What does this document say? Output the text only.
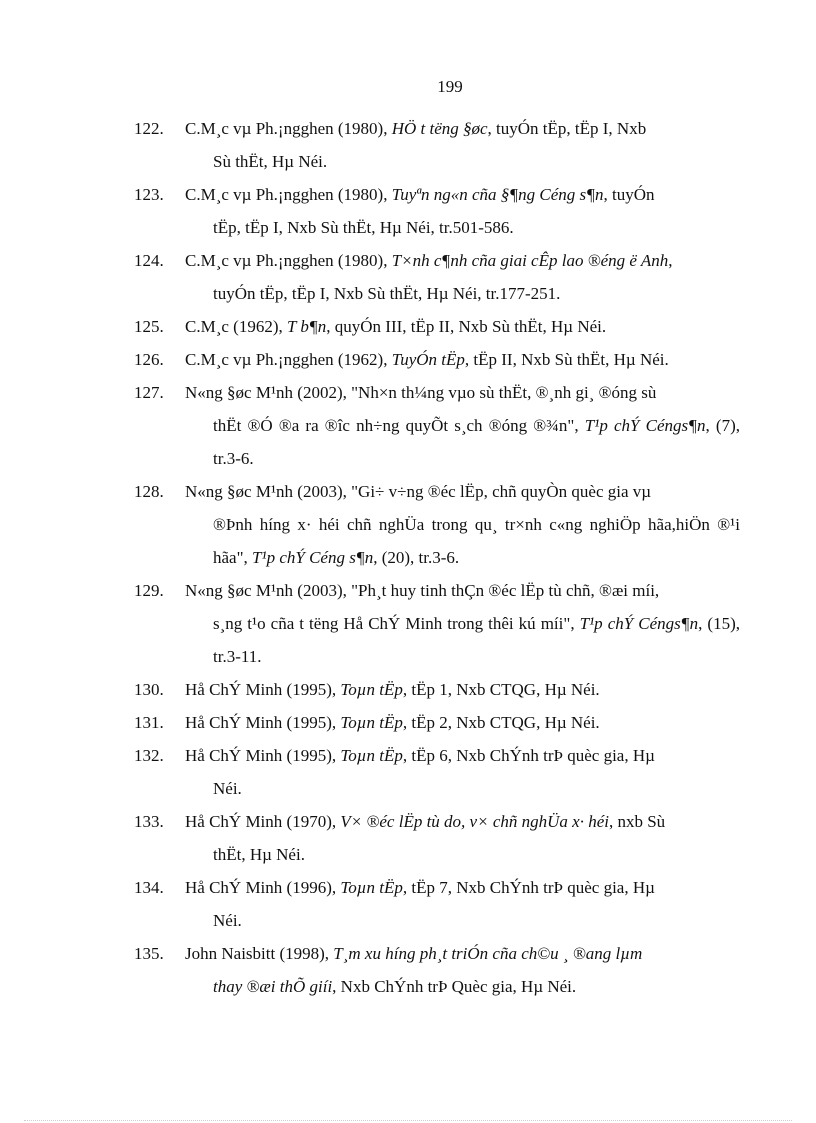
199
122. C.M¸c vµ Ph.¡ngghen (1980), HÖ t tëng §øc, tuyÓn tËp, tËp I, Nxb
Sù thËt, Hµ Néi.
123. C.M¸c vµ Ph.¡ngghen (1980), Tuyªn ng«n cña §¶ng Céng s¶n, tuyÓn
tËp, tËp I, Nxb Sù thËt, Hµ Néi, tr.501-586.
124. C.M¸c vµ Ph.¡ngghen (1980), T×nh c¶nh cña giai cÊp lao ®éng ë Anh,
tuyÓn tËp, tËp I, Nxb Sù thËt, Hµ Néi, tr.177-251.
125. C.M¸c (1962), T b¶n, quyÓn III, tËp II, Nxb Sù thËt, Hµ Néi.
126. C.M¸c vµ Ph.¡ngghen (1962), TuyÓn tËp, tËp II, Nxb Sù thËt, Hµ Néi.
127. N«ng §øc M¹nh (2002), "Nh×n th¼ng vµo sù thËt, ®¸nh gi¸ ®óng sù
thËt ®Ó ®a ra ®îc nh÷ng quyÕt s¸ch ®óng ®¾n", T¹p chÝ Céngs¶n, (7), tr.3-6.
128. N«ng §øc M¹nh (2003), "Gi÷ v÷ng ®éc lËp, chñ quyÒn quèc gia vµ
®Þnh híng x· héi chñ nghÜa trong qu¸ tr×nh c«ng nghiÖp hãa,hiÖn ®¹i hãa", T¹p chÝ Céng s¶n, (20), tr.3-6.
129. N«ng §øc M¹nh (2003), "Ph¸t huy tinh thÇn ®éc lËp tù chñ, ®æi míi,
s¸ng t¹o cña t tëng Hå ChÝ Minh trong thêi kú míi", T¹p chÝ Céngs¶n, (15), tr.3-11.
130. Hå ChÝ Minh (1995), Toµn tËp, tËp 1, Nxb CTQG, Hµ Néi.
131. Hå ChÝ Minh (1995), Toµn tËp, tËp 2, Nxb CTQG, Hµ Néi.
132. Hå ChÝ Minh (1995), Toµn tËp, tËp 6, Nxb ChÝnh trÞ quèc gia, Hµ
Néi.
133. Hå ChÝ Minh (1970), V× ®éc lËp tù do, v× chñ nghÜa x· héi, nxb Sù
thËt, Hµ Néi.
134. Hå ChÝ Minh (1996), Toµn tËp, tËp 7, Nxb ChÝnh trÞ quèc gia, Hµ
Néi.
135. John Naisbitt (1998), T¸m xu híng ph¸t triÓn cña ch©u ¸ ®ang lµm
thay ®æi thÕ giíi, Nxb ChÝnh trÞ Quèc gia, Hµ Néi.
